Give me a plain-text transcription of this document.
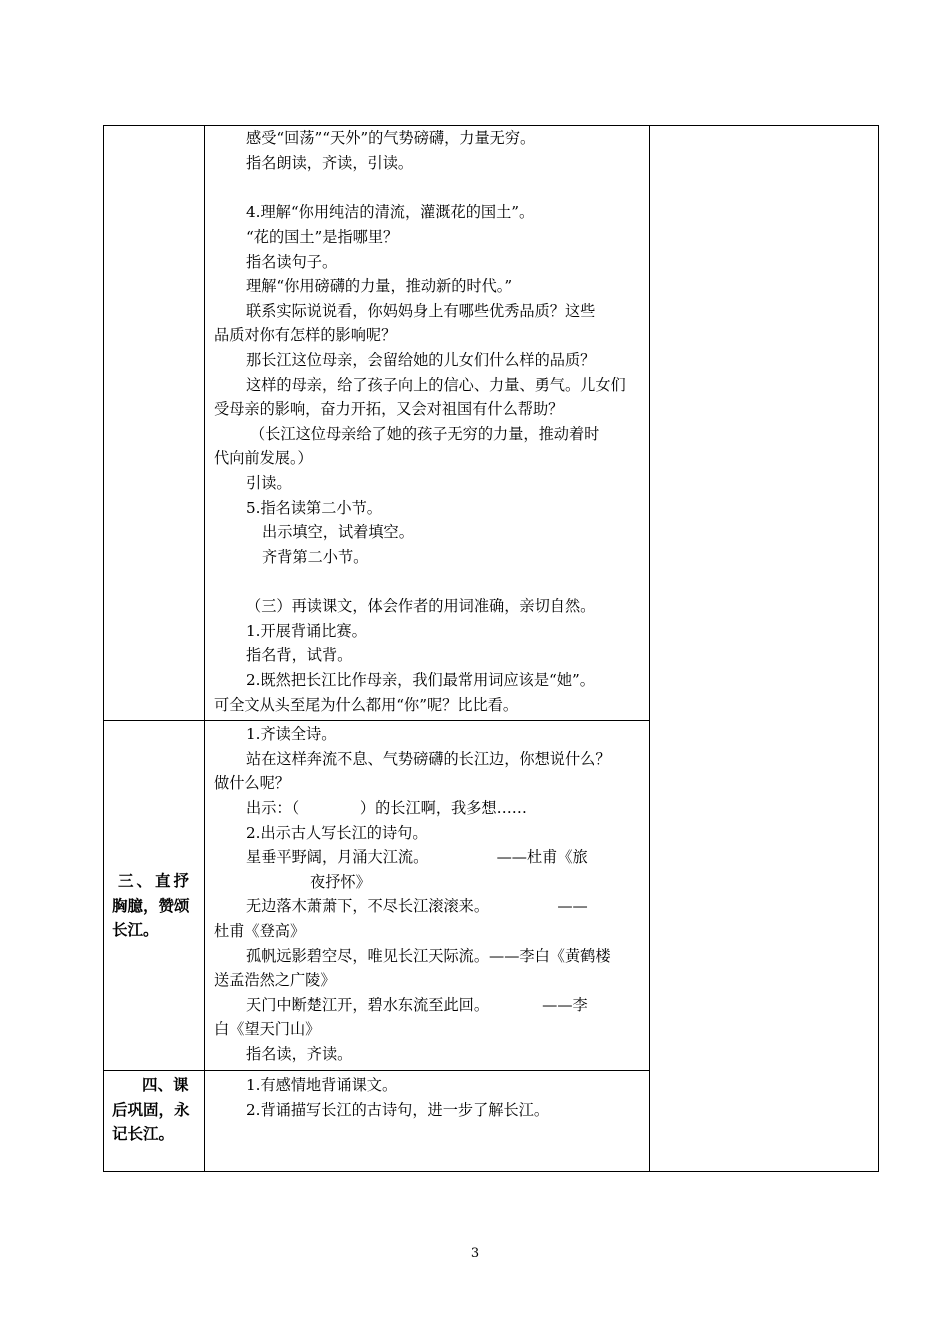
感受“回荡”“天外”的气势磅礴，力量无穷。
指名朗读，齐读，引读。
4.理解“你用纯洁的清流，灌溉花的国土”。
“花的国土”是指哪里？
指名读句子。
理解“你用磅礴的力量，推动新的时代。”
联系实际说说看，你妈妈身上有哪些优秀品质？这些
品质对你有怎样的影响呢？
那长江这位母亲，会留给她的儿女们什么样的品质？
这样的母亲，给了孩子向上的信心、力量、勇气。儿女们
受母亲的影响，奋力开拓，又会对祖国有什么帮助？
（长江这位母亲给了她的孩子无穷的力量，推动着时
代向前发展。）
引读。
5.指名读第二小节。
出示填空，试着填空。
齐背第二小节。
（三）再读课文，体会作者的用词准确，亲切自然。
1.开展背诵比赛。
指名背，试背。
2.既然把长江比作母亲，我们最常用词应该是“她”。
可全文从头至尾为什么都用“你”呢？比比看。
三、直抒
胸臆，赞颂
长江。
1.齐读全诗。
站在这样奔流不息、气势磅礴的长江边，你想说什么？
做什么呢？
出示：（　　　　）的长江啊，我多想……
2.出示古人写长江的诗句。
星垂平野阔，月涌大江流。　　　　　——杜甫《旅
夜抒怀》
无边落木萧萧下，不尽长江滚滚来。　　　　　——
杜甫《登高》
孤帆远影碧空尽，唯见长江天际流。——李白《黄鹤楼
送孟浩然之广陵》
天门中断楚江开，碧水东流至此回。　　　　——李
白《望天门山》
指名读，齐读。
四、课
后巩固，永
记长江。
1.有感情地背诵课文。
2.背诵描写长江的古诗句，进一步了解长江。
3
